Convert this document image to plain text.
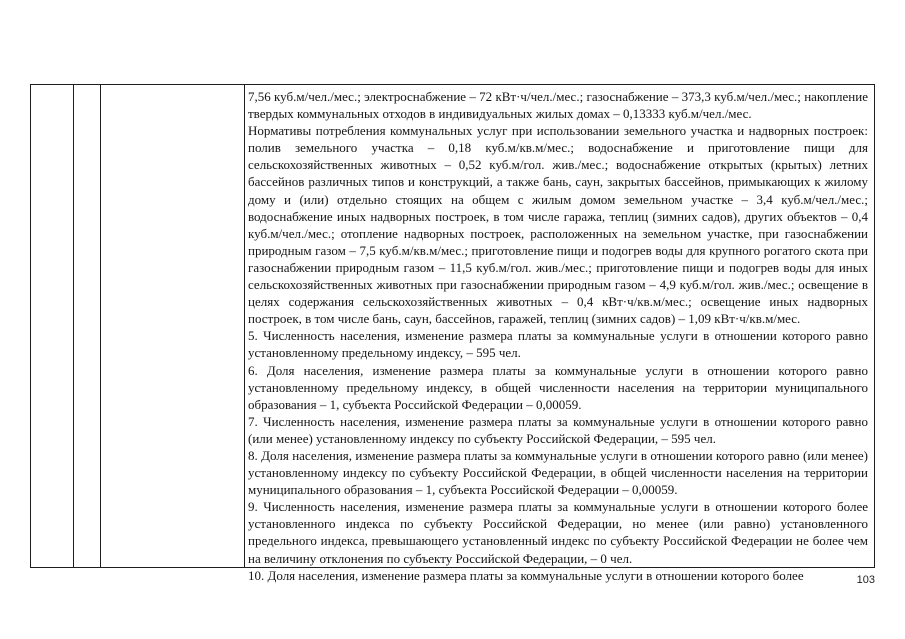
7,56 куб.м/чел./мес.; электроснабжение – 72 кВт·ч/чел./мес.; газоснабжение – 373,3 куб.м/чел./мес.; накопление твердых коммунальных отходов в индивидуальных жилых домах – 0,13333 куб.м/чел./мес.

Нормативы потребления коммунальных услуг при использовании земельного участка и надворных построек: полив земельного участка – 0,18 куб.м/кв.м/мес.; водоснабжение и приготовление пищи для сельскохозяйственных животных – 0,52 куб.м/гол. жив./мес.; водоснабжение открытых (крытых) летних бассейнов различных типов и конструкций, а также бань, саун, закрытых бассейнов, примыкающих к жилому дому и (или) отдельно стоящих на общем с жилым домом земельном участке – 3,4 куб.м/чел./мес.; водоснабжение иных надворных построек, в том числе гаража, теплиц (зимних садов), других объектов – 0,4 куб.м/чел./мес.; отопление надворных построек, расположенных на земельном участке, при газоснабжении природным газом – 7,5 куб.м/кв.м/мес.; приготовление пищи и подогрев воды для крупного рогатого скота при газоснабжении природным газом – 11,5 куб.м/гол. жив./мес.; приготовление пищи и подогрев воды для иных сельскохозяйственных животных при газоснабжении природным газом – 4,9 куб.м/гол. жив./мес.; освещение в целях содержания сельскохозяйственных животных – 0,4 кВт·ч/кв.м/мес.; освещение иных надворных построек, в том числе бань, саун, бассейнов, гаражей, теплиц (зимних садов) – 1,09 кВт·ч/кв.м/мес.

5. Численность населения, изменение размера платы за коммунальные услуги в отношении которого равно установленному предельному индексу, – 595 чел.

6. Доля населения, изменение размера платы за коммунальные услуги в отношении которого равно установленному предельному индексу, в общей численности населения на территории муниципального образования – 1, субъекта Российской Федерации – 0,00059.

7. Численность населения, изменение размера платы за коммунальные услуги в отношении которого равно (или менее) установленному индексу по субъекту Российской Федерации, – 595 чел.

8. Доля населения, изменение размера платы за коммунальные услуги в отношении которого равно (или менее) установленному индексу по субъекту Российской Федерации, в общей численности населения на территории муниципального образования – 1, субъекта Российской Федерации – 0,00059.

9. Численность населения, изменение размера платы за коммунальные услуги в отношении которого более установленного индекса по субъекту Российской Федерации, но менее (или равно) установленного предельного индекса, превышающего установленный индекс по субъекту Российской Федерации не более чем на величину отклонения по субъекту Российской Федерации, – 0 чел.

10. Доля населения, изменение размера платы за коммунальные услуги в отношении которого более	103
